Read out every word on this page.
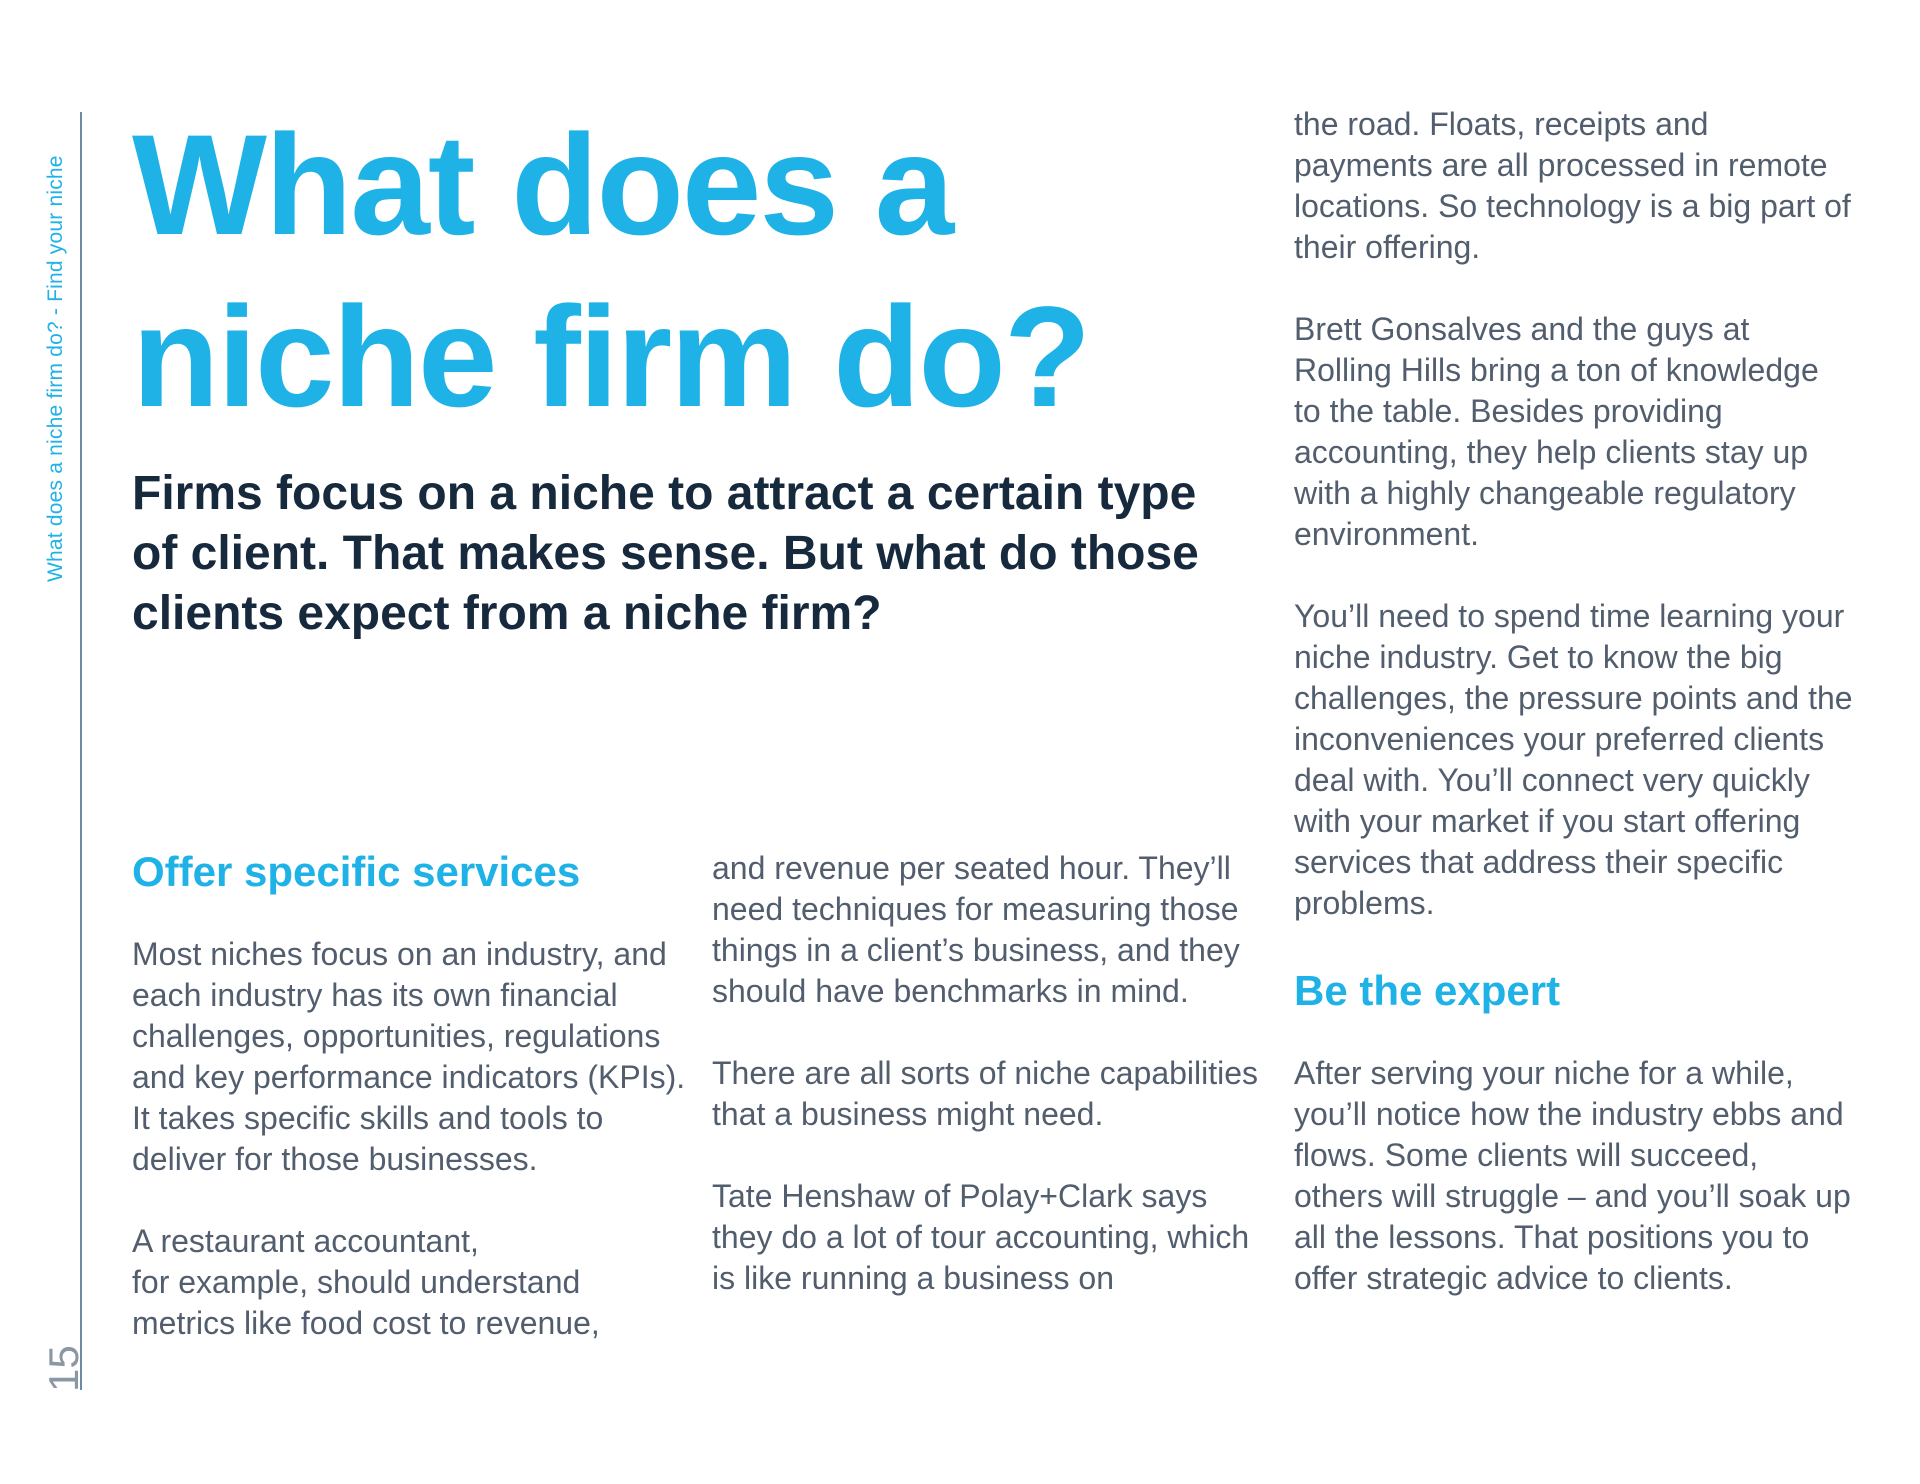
What does a niche firm do? - Find your niche
15
What does a niche firm do?

Firms focus on a niche to attract a certain type of client. That makes sense. But what do those clients expect from a niche firm?

Offer specific services

Most niches focus on an industry, and each industry has its own financial challenges, opportunities, regulations and key performance indicators (KPIs). It takes specific skills and tools to deliver for those businesses.

A restaurant accountant,
for example, should understand metrics like food cost to revenue,

and revenue per seated hour. They’ll need techniques for measuring those things in a client’s business, and they should have benchmarks in mind.

There are all sorts of niche capabilities that a business might need.

Tate Henshaw of Polay+Clark says they do a lot of tour accounting, which is like running a business on

the road. Floats, receipts and payments are all processed in remote locations. So technology is a big part of their offering.

Brett Gonsalves and the guys at Rolling Hills bring a ton of knowledge to the table. Besides providing accounting, they help clients stay up with a highly changeable regulatory environment.

You’ll need to spend time learning your niche industry. Get to know the big challenges, the pressure points and the inconveniences your preferred clients deal with. You’ll connect very quickly with your market if you start offering services that address their specific problems.

Be the expert

After serving your niche for a while, you’ll notice how the industry ebbs and flows. Some clients will succeed, others will struggle – and you’ll soak up all the lessons. That positions you to offer strategic advice to clients.
